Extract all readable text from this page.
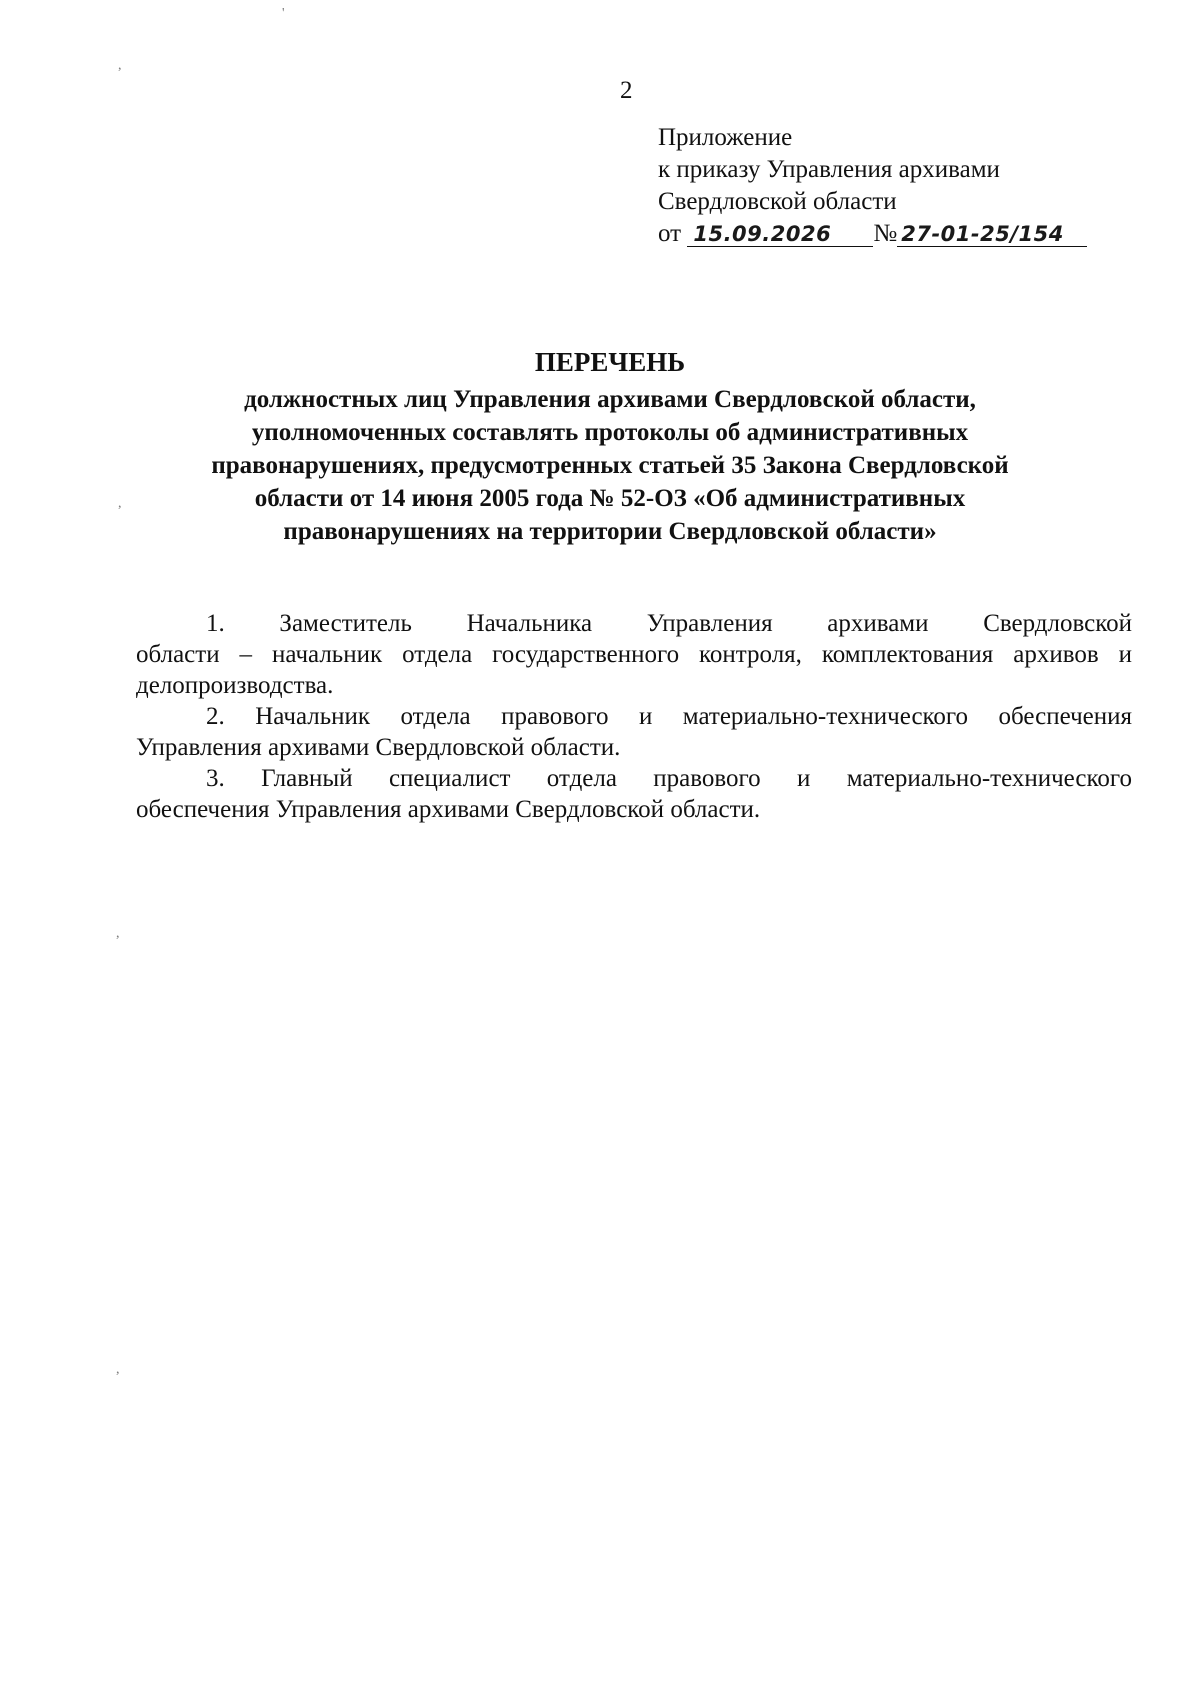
2
Приложение
к приказу Управления архивами
Свердловской области
от 15.09.2026 № 27-01-25/154
ПЕРЕЧЕНЬ
должностных лиц Управления архивами Свердловской области,
уполномоченных составлять протоколы об административных
правонарушениях, предусмотренных статьей 35 Закона Свердловской
области от 14 июня 2005 года № 52-ОЗ «Об административных
правонарушениях на территории Свердловской области»

1. Заместитель Начальника Управления архивами Свердловской
области – начальник отдела государственного контроля, комплектования архивов и делопроизводства.

2. Начальник отдела правового и материально-технического обеспечения
Управления архивами Свердловской области.

3. Главный специалист отдела правового и материально-технического
обеспечения Управления архивами Свердловской области.

'
,
,
,
,
